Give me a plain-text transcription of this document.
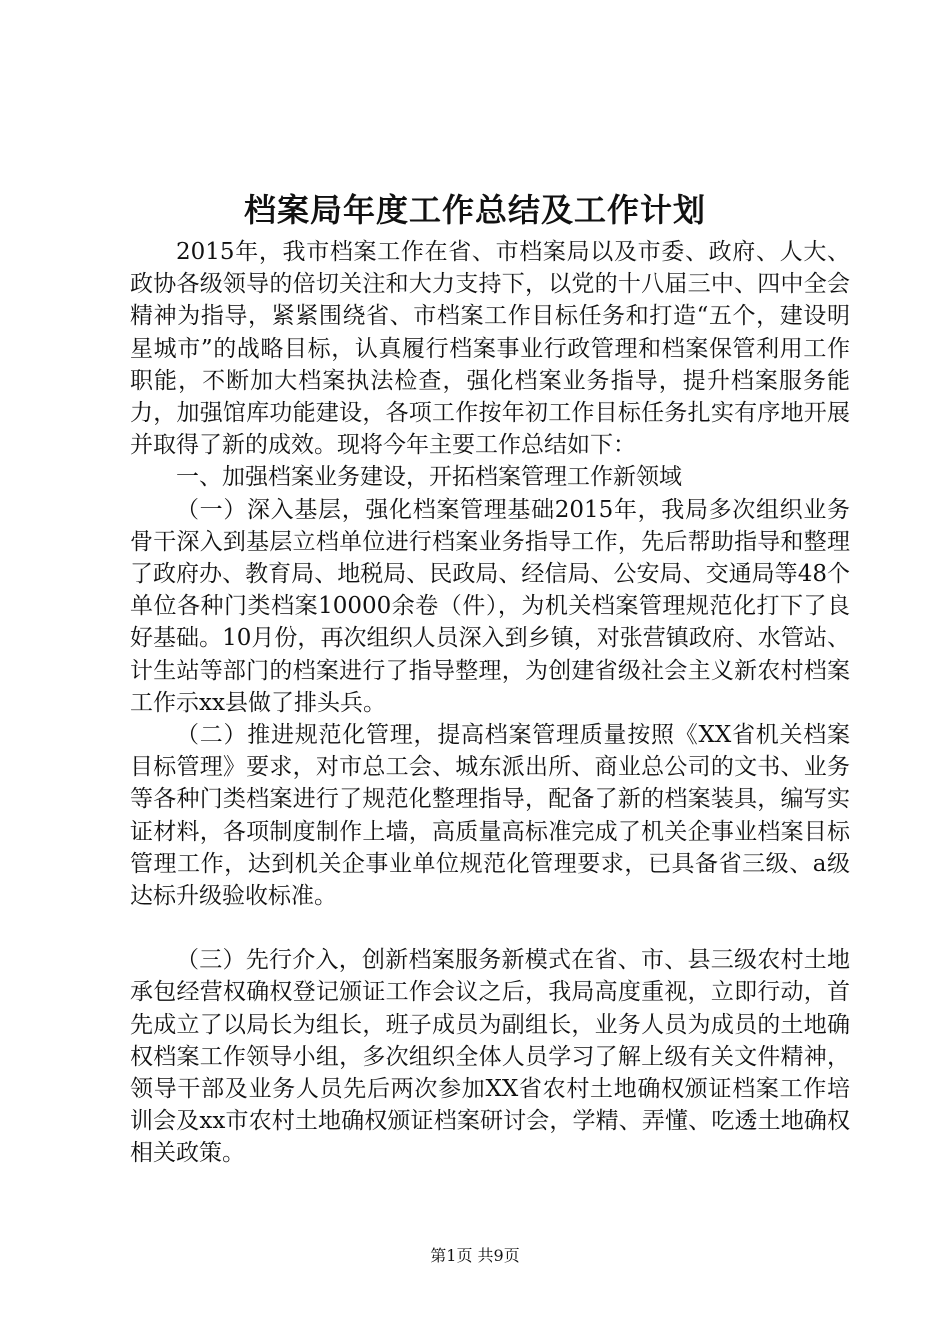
档案局年度工作总结及工作计划

2015年，我市档案工作在省、市档案局以及市委、政府、人大、政协各级领导的倍切关注和大力支持下，以党的十八届三中、四中全会精神为指导，紧紧围绕省、市档案工作目标任务和打造“五个，建设明星城市”的战略目标，认真履行档案事业行政管理和档案保管利用工作职能，不断加大档案执法检查，强化档案业务指导，提升档案服务能力，加强馆库功能建设，各项工作按年初工作目标任务扎实有序地开展并取得了新的成效。现将今年主要工作总结如下：

一、加强档案业务建设，开拓档案管理工作新领域

（一）深入基层，强化档案管理基础2015年，我局多次组织业务骨干深入到基层立档单位进行档案业务指导工作，先后帮助指导和整理了政府办、教育局、地税局、民政局、经信局、公安局、交通局等48个单位各种门类档案10000余卷（件），为机关档案管理规范化打下了良好基础。10月份，再次组织人员深入到乡镇，对张营镇政府、水管站、计生站等部门的档案进行了指导整理，为创建省级社会主义新农村档案工作示xx县做了排头兵。

（二）推进规范化管理，提高档案管理质量按照《XX省机关档案目标管理》要求，对市总工会、城东派出所、商业总公司的文书、业务等各种门类档案进行了规范化整理指导，配备了新的档案装具，编写实证材料，各项制度制作上墙，高质量高标准完成了机关企事业档案目标管理工作，达到机关企事业单位规范化管理要求，已具备省三级、a级达标升级验收标准。

（三）先行介入，创新档案服务新模式在省、市、县三级农村土地承包经营权确权登记颁证工作会议之后，我局高度重视，立即行动，首先成立了以局长为组长，班子成员为副组长，业务人员为成员的土地确权档案工作领导小组，多次组织全体人员学习了解上级有关文件精神，领导干部及业务人员先后两次参加XX省农村土地确权颁证档案工作培训会及xx市农村土地确权颁证档案研讨会，学精、弄懂、吃透土地确权相关政策。

第1页 共9页
